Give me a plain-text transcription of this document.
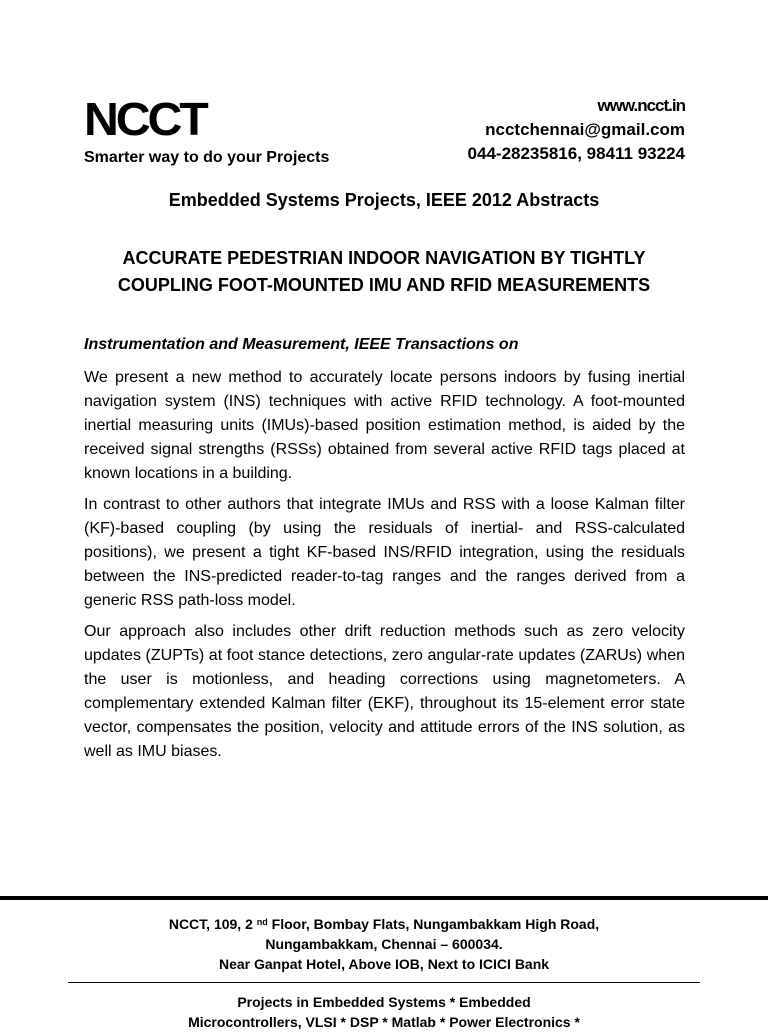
NCCT
Smarter way to do your Projects
www.ncct.in
ncctchennai@gmail.com
044-28235816, 98411 93224
Embedded Systems Projects, IEEE 2012 Abstracts
ACCURATE PEDESTRIAN INDOOR NAVIGATION BY TIGHTLY COUPLING FOOT-MOUNTED IMU AND RFID MEASUREMENTS
Instrumentation and Measurement, IEEE Transactions on

We present a new method to accurately locate persons indoors by fusing inertial navigation system (INS) techniques with active RFID technology. A foot-mounted inertial measuring units (IMUs)-based position estimation method, is aided by the received signal strengths (RSSs) obtained from several active RFID tags placed at known locations in a building.

In contrast to other authors that integrate IMUs and RSS with a loose Kalman filter (KF)-based coupling (by using the residuals of inertial- and RSS-calculated positions), we present a tight KF-based INS/RFID integration, using the residuals between the INS-predicted reader-to-tag ranges and the ranges derived from a generic RSS path-loss model.

Our approach also includes other drift reduction methods such as zero velocity updates (ZUPTs) at foot stance detections, zero angular-rate updates (ZARUs) when the user is motionless, and heading corrections using magnetometers. A complementary extended Kalman filter (EKF), throughout its 15-element error state vector, compensates the position, velocity and attitude errors of the INS solution, as well as IMU biases.

NCCT, 109, 2 $^{nd}$ Floor, Bombay Flats, Nungambakkam High Road,
Nungambakkam, Chennai – 600034.
Near Ganpat Hotel, Above IOB, Next to ICICI Bank
Projects in Embedded Systems * Embedded
Microcontrollers, VLSI * DSP * Matlab * Power Electronics *
